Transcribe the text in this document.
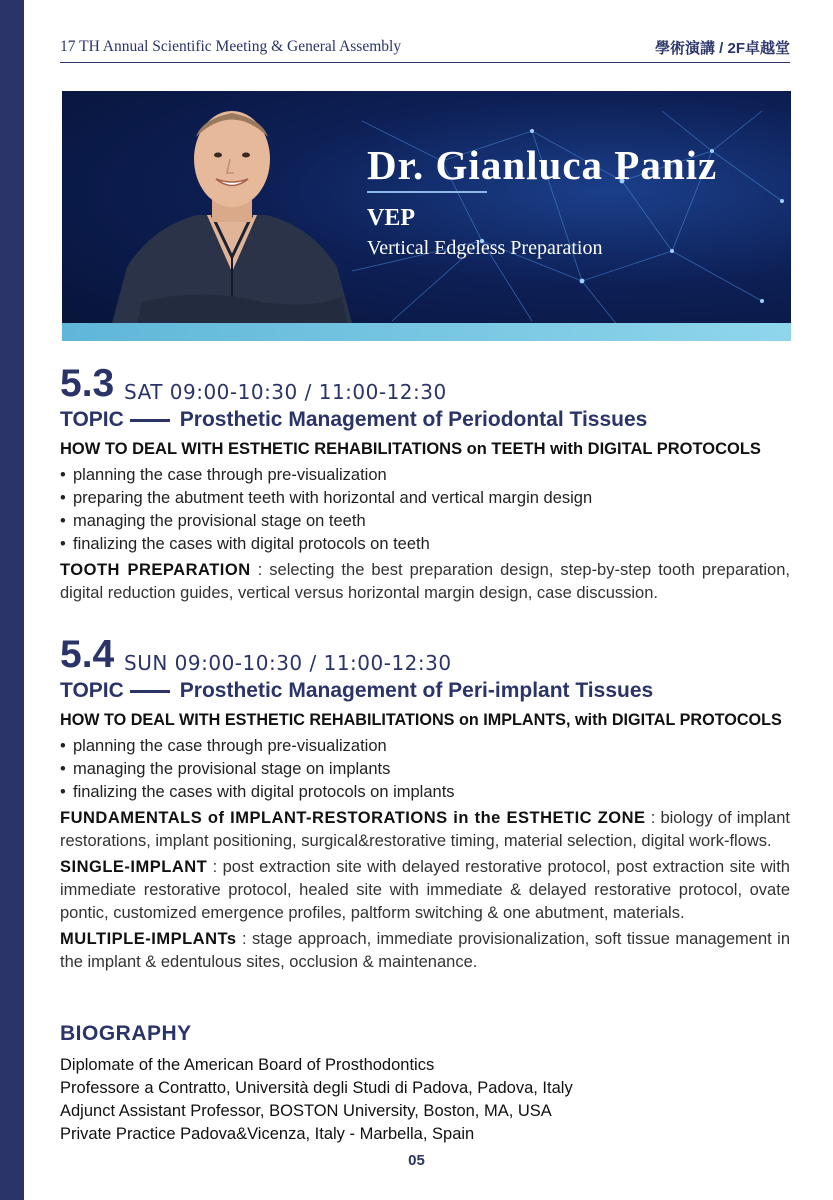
17 TH Annual Scientific Meeting & General Assembly	學術演講 / 2F卓越堂
Dr. Gianluca Paniz
VEP
Vertical Edgeless Preparation
5.3 SAT 09:00-10:30 / 11:00-12:30
TOPIC	Prosthetic Management of Periodontal Tissues
HOW TO DEAL WITH ESTHETIC REHABILITATIONS on TEETH with DIGITAL PROTOCOLS
• planning the case through pre-visualization
• preparing the abutment teeth with horizontal and vertical margin design
• managing the provisional stage on teeth
• finalizing the cases with digital protocols on teeth
TOOTH PREPARATION : selecting the best preparation design, step-by-step tooth preparation, digital reduction guides, vertical versus horizontal margin design, case discussion.
5.4 SUN 09:00-10:30 / 11:00-12:30
TOPIC	Prosthetic Management of Peri-implant Tissues
HOW TO DEAL WITH ESTHETIC REHABILITATIONS on IMPLANTS, with DIGITAL PROTOCOLS
• planning the case through pre-visualization
• managing the provisional stage on implants
• finalizing the cases with digital protocols on implants
FUNDAMENTALS of IMPLANT-RESTORATIONS in the ESTHETIC ZONE : biology of implant restorations, implant positioning, surgical&restorative timing, material selection, digital work-flows.
SINGLE-IMPLANT : post extraction site with delayed restorative protocol, post extraction site with immediate restorative protocol, healed site with immediate & delayed restorative protocol, ovate pontic, customized emergence profiles, paltform switching & one abutment, materials.
MULTIPLE-IMPLANTs : stage approach, immediate provisionalization, soft tissue management in the implant & edentulous sites, occlusion & maintenance.
BIOGRAPHY
Diplomate of the American Board of Prosthodontics
Professore a Contratto, Università degli Studi di Padova, Padova, Italy
Adjunct Assistant Professor, BOSTON University, Boston, MA, USA
Private Practice Padova&Vicenza, Italy - Marbella, Spain
05
